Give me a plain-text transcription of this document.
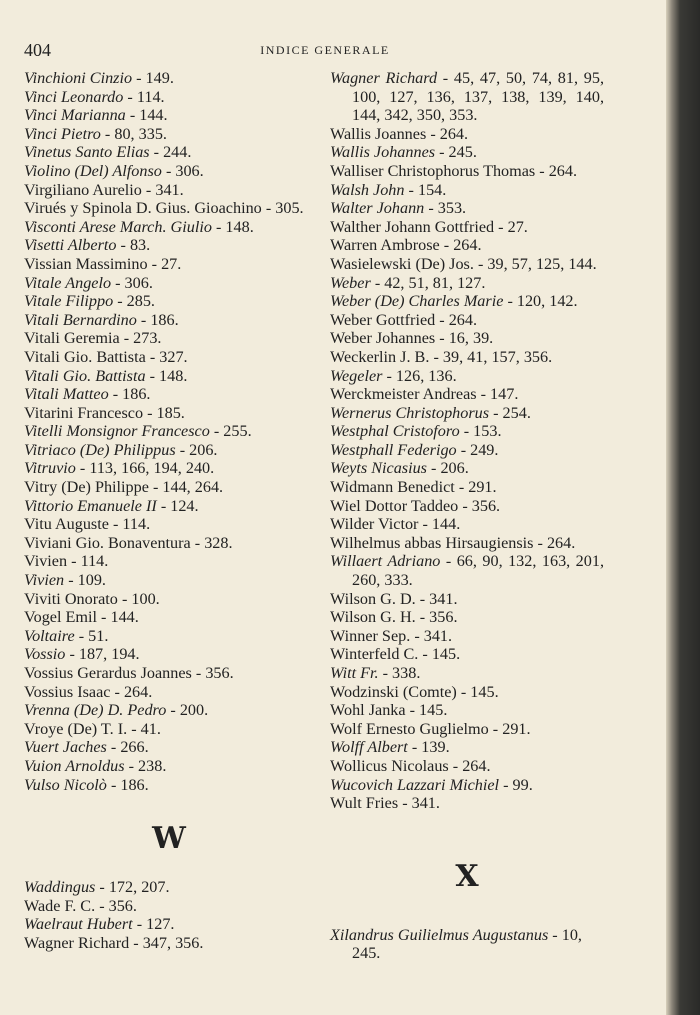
404	INDICE GENERALE
Vinchioni Cinzio - 149.
Vinci Leonardo - 114.
Vinci Marianna - 144.
Vinci Pietro - 80, 335.
Vinetus Santo Elias - 244.
Violino (Del) Alfonso - 306.
Virgiliano Aurelio - 341.
Virués y Spinola D. Gius. Gioachino - 305.
Visconti Arese March. Giulio - 148.
Visetti Alberto - 83.
Vissian Massimino - 27.
Vitale Angelo - 306.
Vitale Filippo - 285.
Vitali Bernardino - 186.
Vitali Geremia - 273.
Vitali Gio. Battista - 327.
Vitali Gio. Battista - 148.
Vitali Matteo - 186.
Vitarini Francesco - 185.
Vitelli Monsignor Francesco - 255.
Vitriaco (De) Philippus - 206.
Vitruvio - 113, 166, 194, 240.
Vitry (De) Philippe - 144, 264.
Vittorio Emanuele II - 124.
Vitu Auguste - 114.
Viviani Gio. Bonaventura - 328.
Vivien - 114.
Vivien - 109.
Viviti Onorato - 100.
Vogel Emil - 144.
Voltaire - 51.
Vossio - 187, 194.
Vossius Gerardus Joannes - 356.
Vossius Isaac - 264.
Vrenna (De) D. Pedro - 200.
Vroye (De) T. I. - 41.
Vuert Jaches - 266.
Vuion Arnoldus - 238.
Vulso Nicolò - 186.
W
Waddingus - 172, 207.
Wade F. C. - 356.
Waelraut Hubert - 127.
Wagner Richard - 347, 356.
Wagner Richard - 45, 47, 50, 74, 81, 95, 100, 127, 136, 137, 138, 139, 140, 144, 342, 350, 353.
Wallis Joannes - 264.
Wallis Johannes - 245.
Walliser Christophorus Thomas - 264.
Walsh John - 154.
Walter Johann - 353.
Walther Johann Gottfried - 27.
Warren Ambrose - 264.
Wasielewski (De) Jos. - 39, 57, 125, 144.
Weber - 42, 51, 81, 127.
Weber (De) Charles Marie - 120, 142.
Weber Gottfried - 264.
Weber Johannes - 16, 39.
Weckerlin J. B. - 39, 41, 157, 356.
Wegeler - 126, 136.
Werckmeister Andreas - 147.
Wernerus Christophorus - 254.
Westphal Cristoforo - 153.
Westphall Federigo - 249.
Weyts Nicasius - 206.
Widmann Benedict - 291.
Wiel Dottor Taddeo - 356.
Wilder Victor - 144.
Wilhelmus abbas Hirsaugiensis - 264.
Willaert Adriano - 66, 90, 132, 163, 201, 260, 333.
Wilson G. D. - 341.
Wilson G. H. - 356.
Winner Sep. - 341.
Winterfeld C. - 145.
Witt Fr. - 338.
Wodzinski (Comte) - 145.
Wohl Janka - 145.
Wolf Ernesto Guglielmo - 291.
Wolff Albert - 139.
Wollicus Nicolaus - 264.
Wucovich Lazzari Michiel - 99.
Wult Fries - 341.
X
Xilandrus Guilielmus Augustanus - 10, 245.
